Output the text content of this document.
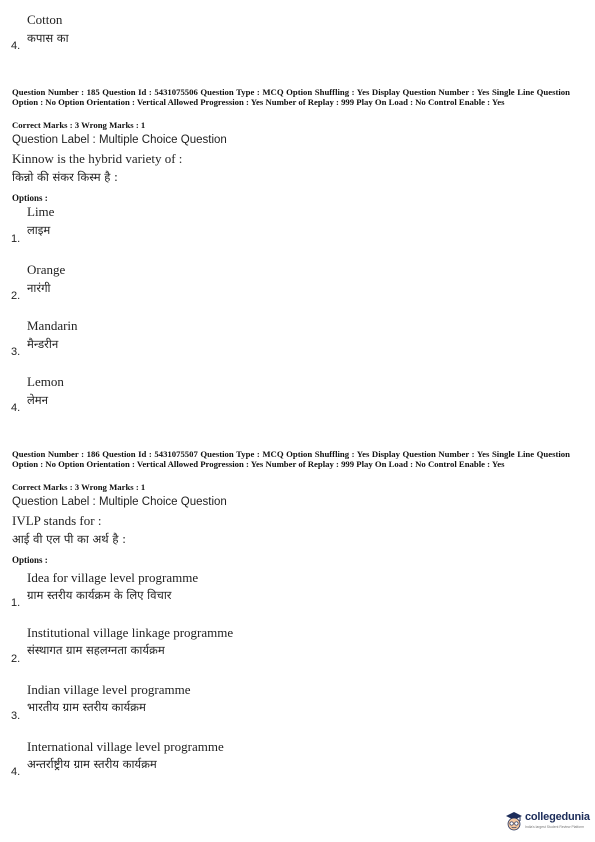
Cotton
कपास का
4.
Question Number : 185 Question Id : 5431075506 Question Type : MCQ Option Shuffling : Yes Display Question Number : Yes Single Line Question Option : No Option Orientation : Vertical Allowed Progression : Yes Number of Replay : 999 Play On Load : No Control Enable : Yes
Correct Marks : 3 Wrong Marks : 1
Question Label : Multiple Choice Question
Kinnow is the hybrid variety of :
किन्नो की संकर किस्म है :
Options :
Lime
लाइम
1.
Orange
नारंगी
2.
Mandarin
मैन्डरीन
3.
Lemon
लेमन
4.
Question Number : 186 Question Id : 5431075507 Question Type : MCQ Option Shuffling : Yes Display Question Number : Yes Single Line Question Option : No Option Orientation : Vertical Allowed Progression : Yes Number of Replay : 999 Play On Load : No Control Enable : Yes
Correct Marks : 3 Wrong Marks : 1
Question Label : Multiple Choice Question
IVLP stands for :
आई वी एल पी का अर्थ है :
Options :
Idea for village level programme
ग्राम स्तरीय कार्यक्रम के लिए विचार
1.
Institutional village linkage programme
संस्थागत ग्राम सहलग्नता कार्यक्रम
2.
Indian village level programme
भारतीय ग्राम स्तरीय कार्यक्रम
3.
International village level programme
अन्तर्राष्ट्रीय ग्राम स्तरीय कार्यक्रम
4.
collegedunia
India's largest Student Review Platform
